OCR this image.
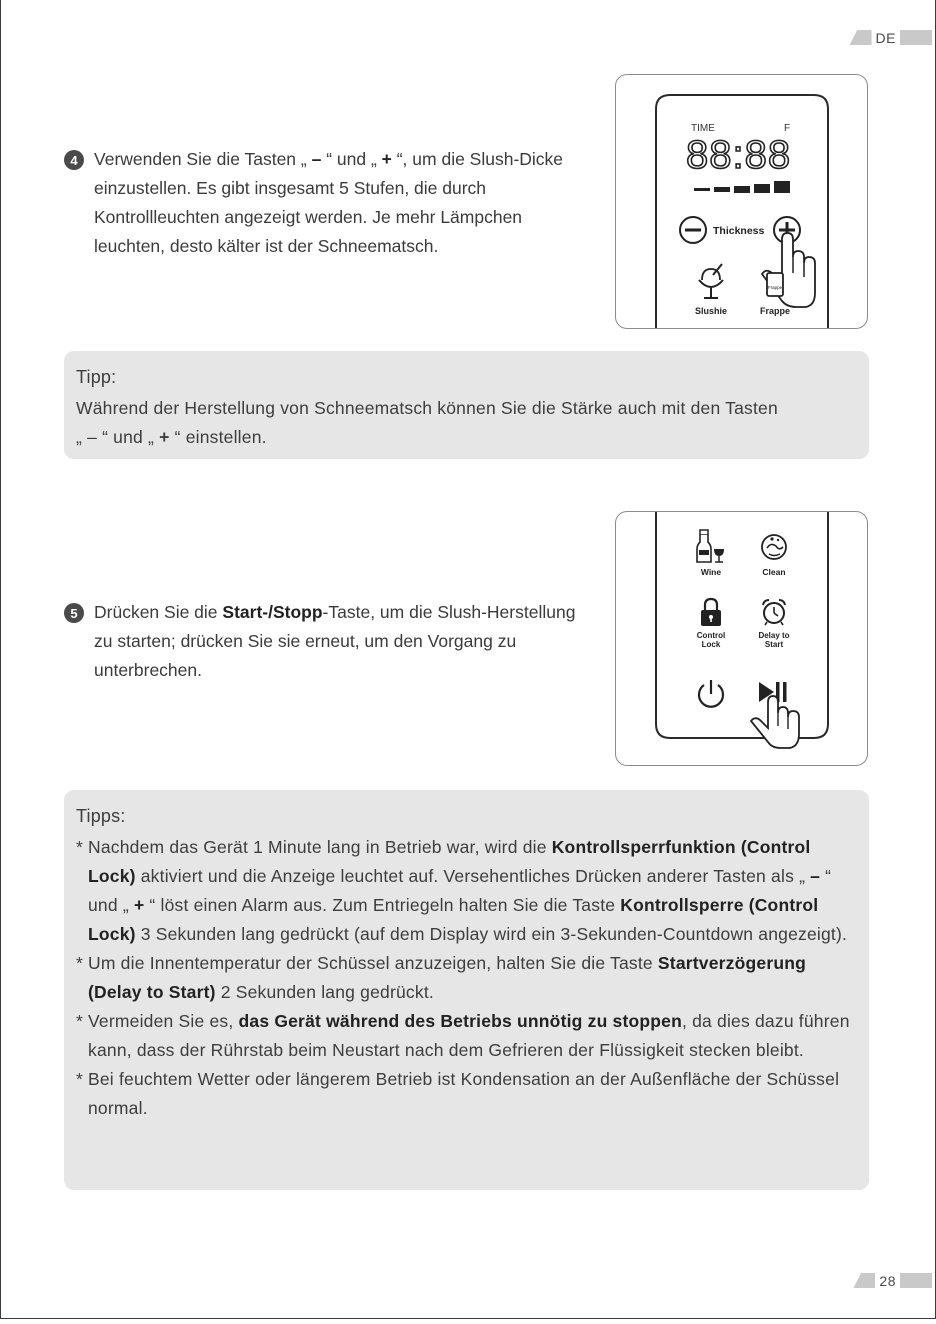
DE
4 Verwenden Sie die Tasten „ – “ und „ + “, um die Slush-Dicke
einzustellen. Es gibt insgesamt 5 Stufen, die durch
Kontrollleuchten angezeigt werden. Je mehr Lämpchen
leuchten, desto kälter ist der Schneematsch.
TIME	F
88:88
Thickness
Slushie
Frappe
Frappe
Tipp:
Während der Herstellung von Schneematsch können Sie die Stärke auch mit den Tasten
„ – “ und „ + “ einstellen.
5 Drücken Sie die Start-/Stopp-Taste, um die Slush-Herstellung
zu starten; drücken Sie sie erneut, um den Vorgang zu
unterbrechen.
Wine	Clean
Control
Lock
Delay to
Start
Tipps:
* Nachdem das Gerät 1 Minute lang in Betrieb war, wird die Kontrollsperrfunktion (Control Lock) aktiviert und die Anzeige leuchtet auf. Versehentliches Drücken anderer Tasten als „ – “ und „ + “ löst einen Alarm aus. Zum Entriegeln halten Sie die Taste Kontrollsperre (Control Lock) 3 Sekunden lang gedrückt (auf dem Display wird ein 3-Sekunden-Countdown angezeigt).
* Um die Innentemperatur der Schüssel anzuzeigen, halten Sie die Taste Startverzögerung (Delay to Start) 2 Sekunden lang gedrückt.
* Vermeiden Sie es, das Gerät während des Betriebs unnötig zu stoppen, da dies dazu führen kann, dass der Rührstab beim Neustart nach dem Gefrieren der Flüssigkeit stecken bleibt.
* Bei feuchtem Wetter oder längerem Betrieb ist Kondensation an der Außenfläche der Schüssel normal.
28
